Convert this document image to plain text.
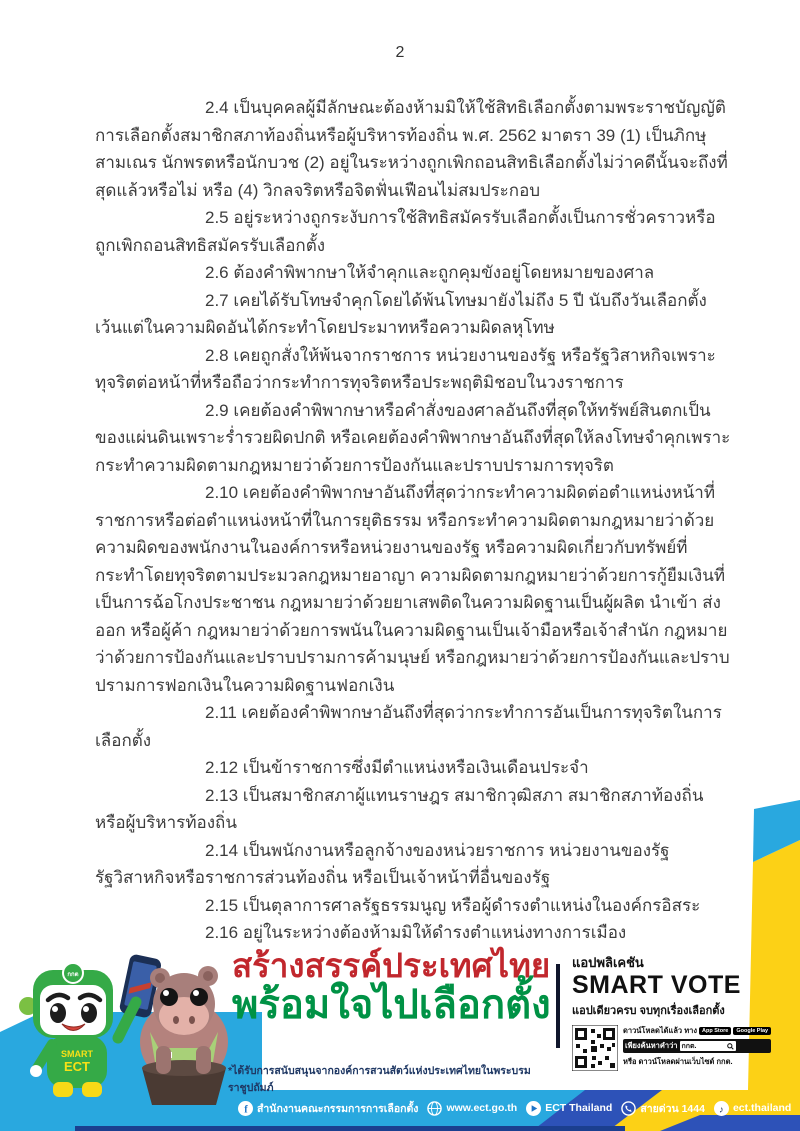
2

2.4 เป็นบุคคลผู้มีลักษณะต้องห้ามมิให้ใช้สิทธิเลือกตั้งตามพระราชบัญญัติการเลือกตั้งสมาชิกสภาท้องถิ่นหรือผู้บริหารท้องถิ่น พ.ศ. 2562 มาตรา 39 (1) เป็นภิกษุ สามเณร นักพรตหรือนักบวช (2) อยู่ในระหว่างถูกเพิกถอนสิทธิเลือกตั้งไม่ว่าคดีนั้นจะถึงที่สุดแล้วหรือไม่ หรือ (4) วิกลจริตหรือจิตฟั่นเฟือนไม่สมประกอบ

2.5 อยู่ระหว่างถูกระงับการใช้สิทธิสมัครรับเลือกตั้งเป็นการชั่วคราวหรือถูกเพิกถอนสิทธิสมัครรับเลือกตั้ง

2.6 ต้องคำพิพากษาให้จำคุกและถูกคุมขังอยู่โดยหมายของศาล

2.7 เคยได้รับโทษจำคุกโดยได้พ้นโทษมายังไม่ถึง 5 ปี นับถึงวันเลือกตั้ง เว้นแต่ในความผิดอันได้กระทำโดยประมาทหรือความผิดลหุโทษ

2.8 เคยถูกสั่งให้พ้นจากราชการ หน่วยงานของรัฐ หรือรัฐวิสาหกิจเพราะทุจริตต่อหน้าที่หรือถือว่ากระทำการทุจริตหรือประพฤติมิชอบในวงราชการ

2.9 เคยต้องคำพิพากษาหรือคำสั่งของศาลอันถึงที่สุดให้ทรัพย์สินตกเป็นของแผ่นดินเพราะร่ำรวยผิดปกติ หรือเคยต้องคำพิพากษาอันถึงที่สุดให้ลงโทษจำคุกเพราะกระทำความผิดตามกฎหมายว่าด้วยการป้องกันและปราบปรามการทุจริต

2.10 เคยต้องคำพิพากษาอันถึงที่สุดว่ากระทำความผิดต่อตำแหน่งหน้าที่ราชการหรือต่อตำแหน่งหน้าที่ในการยุติธรรม หรือกระทำความผิดตามกฎหมายว่าด้วยความผิดของพนักงานในองค์การหรือหน่วยงานของรัฐ หรือความผิดเกี่ยวกับทรัพย์ที่กระทำโดยทุจริตตามประมวลกฎหมายอาญา ความผิดตามกฎหมายว่าด้วยการกู้ยืมเงินที่เป็นการฉ้อโกงประชาชน กฎหมายว่าด้วยยาเสพติดในความผิดฐานเป็นผู้ผลิต นำเข้า ส่งออก หรือผู้ค้า กฎหมายว่าด้วยการพนันในความผิดฐานเป็นเจ้ามือหรือเจ้าสำนัก กฎหมายว่าด้วยการป้องกันและปราบปรามการค้ามนุษย์ หรือกฎหมายว่าด้วยการป้องกันและปราบปรามการฟอกเงินในความผิดฐานฟอกเงิน

2.11 เคยต้องคำพิพากษาอันถึงที่สุดว่ากระทำการอันเป็นการทุจริตในการเลือกตั้ง

2.12 เป็นข้าราชการซึ่งมีตำแหน่งหรือเงินเดือนประจำ

2.13 เป็นสมาชิกสภาผู้แทนราษฎร สมาชิกวุฒิสภา สมาชิกสภาท้องถิ่น หรือผู้บริหารท้องถิ่น

2.14 เป็นพนักงานหรือลูกจ้างของหน่วยราชการ หน่วยงานของรัฐ รัฐวิสาหกิจหรือราชการส่วนท้องถิ่น หรือเป็นเจ้าหน้าที่อื่นของรัฐ

2.15 เป็นตุลาการศาลรัฐธรรมนูญ หรือผู้ดำรงตำแหน่งในองค์กรอิสระ

2.16 อยู่ในระหว่างต้องห้ามมิให้ดำรงตำแหน่งทางการเมือง

กกต
SMART
ECT
สร้างสรรค์ประเทศไทย
พร้อมใจไปเลือกตั้ง
*ได้รับการสนับสนุนจากองค์การสวนสัตว์แห่งประเทศไทยในพระบรมราชูปถัมภ์
แอปพลิเคชัน
SMART VOTE
แอปเดียวครบ จบทุกเรื่องเลือกตั้ง
ดาวน์โหลดได้แล้ว ทาง App Store	Google Play
เพียงค้นหาคำว่า กกต.
หรือ ดาวน์โหลดผ่านเว็บไซต์ กกต.
f สำนักงานคณะกรรมการการเลือกตั้ง	www.ect.go.th	ECT Thailand	สายด่วน 1444 ♪ ect.thailand
